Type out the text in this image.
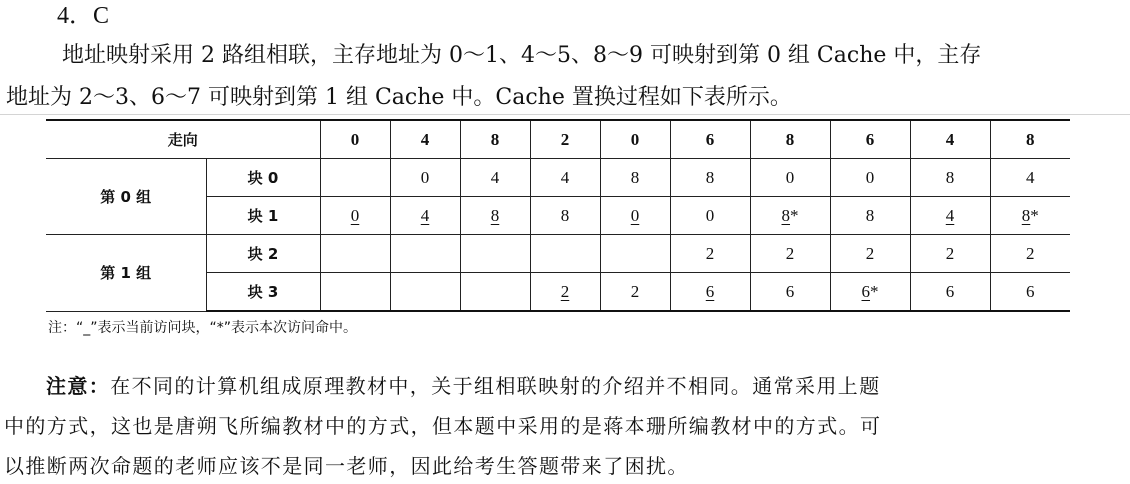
4．C
地址映射采用 2 路组相联，主存地址为 0～1、4～5、8～9 可映射到第 0 组 Cache 中，主存
地址为 2～3、6～7 可映射到第 1 组 Cache 中。Cache 置换过程如下表所示。
走向		0	4	8	2	0	6	8	6	4	8
第 0 组	块 0		0	4	4	8	8	0	0	8	4
	块 1	0	4	8	8	0	0	8*	8	4	8*
第 1 组	块 2						2	2	2	2	2
	块 3				2	2	6	6	6*	6	6
注：“_”表示当前访问块，“*”表示本次访问命中。
注意：在不同的计算机组成原理教材中，关于组相联映射的介绍并不相同。通常采用上题
中的方式，这也是唐朔飞所编教材中的方式，但本题中采用的是蒋本珊所编教材中的方式。可
以推断两次命题的老师应该不是同一老师，因此给考生答题带来了困扰。
